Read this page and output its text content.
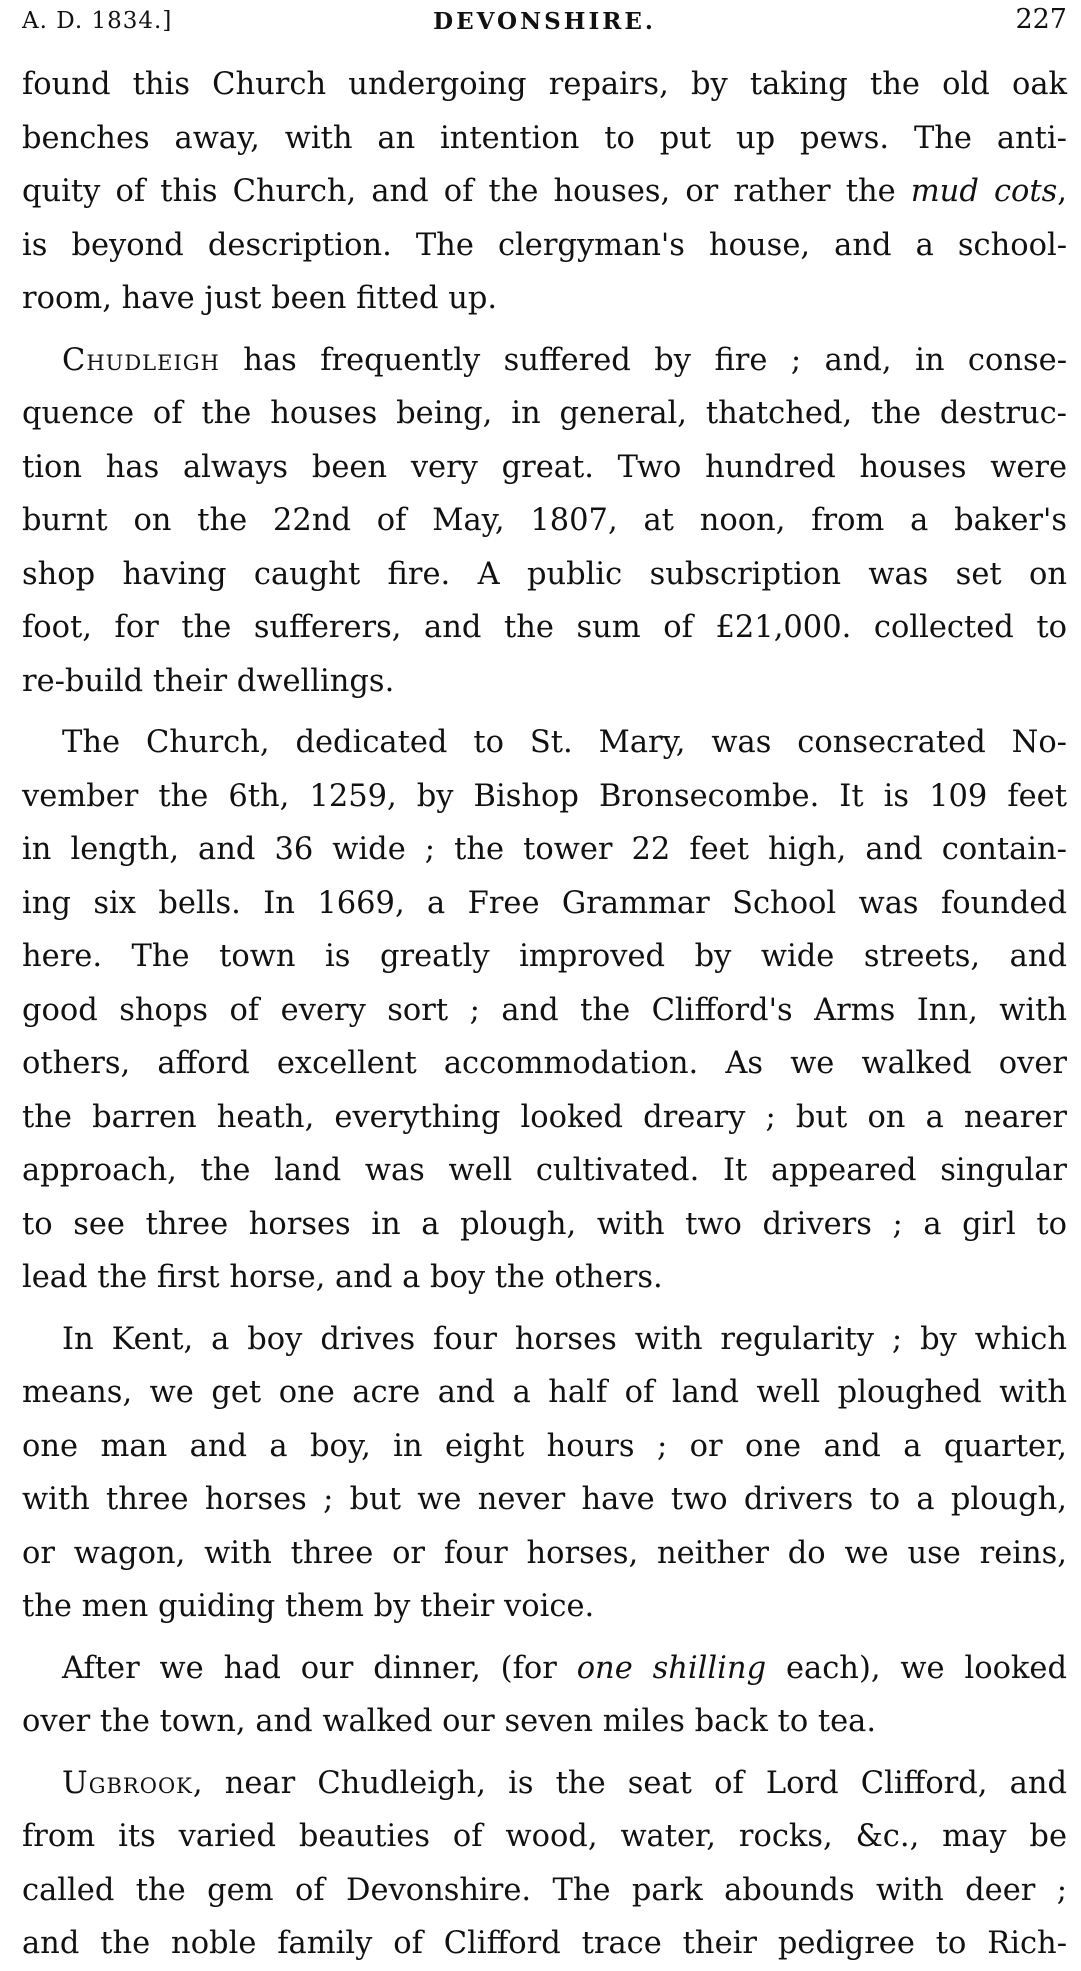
A. D. 1834.]	DEVONSHIRE.	227
found this Church undergoing repairs, by taking the old oak
benches away, with an intention to put up pews. The anti-
quity of this Church, and of the houses, or rather the mud cots,
is beyond description. The clergyman's house, and a school-
room, have just been fitted up.
Chudleigh has frequently suffered by fire ; and, in conse-
quence of the houses being, in general, thatched, the destruc-
tion has always been very great. Two hundred houses were
burnt on the 22nd of May, 1807, at noon, from a baker's
shop having caught fire. A public subscription was set on
foot, for the sufferers, and the sum of £21,000. collected to
re-build their dwellings.
The Church, dedicated to St. Mary, was consecrated No-
vember the 6th, 1259, by Bishop Bronsecombe. It is 109 feet
in length, and 36 wide ; the tower 22 feet high, and contain-
ing six bells. In 1669, a Free Grammar School was founded
here. The town is greatly improved by wide streets, and
good shops of every sort ; and the Clifford's Arms Inn, with
others, afford excellent accommodation. As we walked over
the barren heath, everything looked dreary ; but on a nearer
approach, the land was well cultivated. It appeared singular
to see three horses in a plough, with two drivers ; a girl to
lead the first horse, and a boy the others.
In Kent, a boy drives four horses with regularity ; by which
means, we get one acre and a half of land well ploughed with
one man and a boy, in eight hours ; or one and a quarter,
with three horses ; but we never have two drivers to a plough,
or wagon, with three or four horses, neither do we use reins,
the men guiding them by their voice.
After we had our dinner, (for one shilling each), we looked
over the town, and walked our seven miles back to tea.
Ugbrook, near Chudleigh, is the seat of Lord Clifford, and
from its varied beauties of wood, water, rocks, &c., may be
called the gem of Devonshire. The park abounds with deer ;
and the noble family of Clifford trace their pedigree to Rich-
